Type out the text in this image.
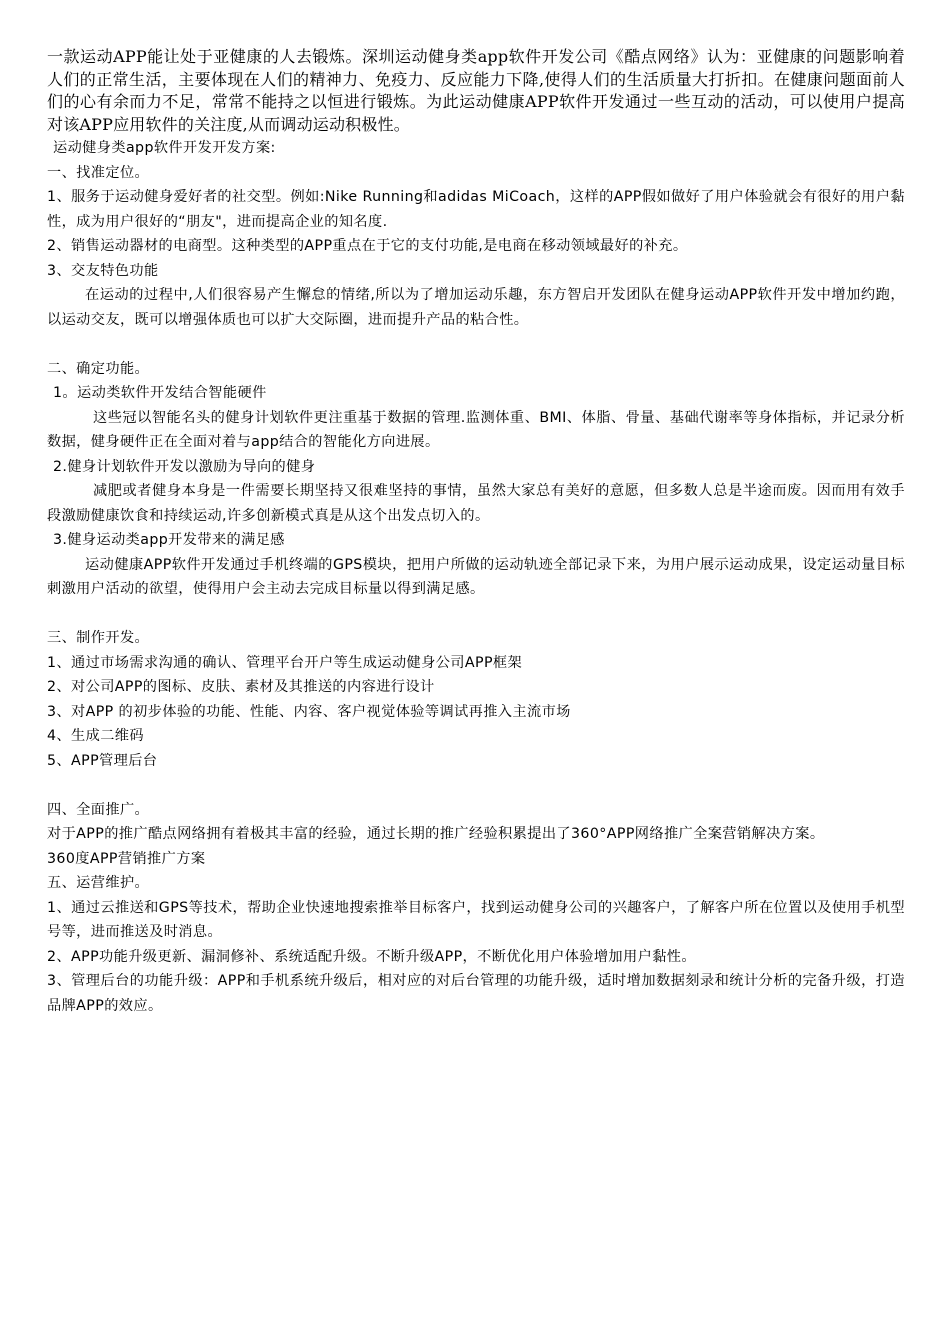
一款运动APP能让处于亚健康的人去锻炼。深圳运动健身类app软件开发公司《酷点网络》认为：亚健康的问题影响着人们的正常生活，主要体现在人们的精神力、免疫力、反应能力下降,使得人们的生活质量大打折扣。在健康问题面前人们的心有余而力不足，常常不能持之以恒进行锻炼。为此运动健康APP软件开发通过一些互动的活动，可以使用户提高对该APP应用软件的关注度,从而调动运动积极性。

运动健身类app软件开发开发方案:

一、找准定位。

1、服务于运动健身爱好者的社交型。例如:Nike Running和adidas MiCoach，这样的APP假如做好了用户体验就会有很好的用户黏性，成为用户很好的“朋友"，进而提高企业的知名度.

2、销售运动器材的电商型。这种类型的APP重点在于它的支付功能,是电商在移动领域最好的补充。

3、交友特色功能

在运动的过程中,人们很容易产生懈怠的情绪,所以为了增加运动乐趣，东方智启开发团队在健身运动APP软件开发中增加约跑，以运动交友，既可以增强体质也可以扩大交际圈，进而提升产品的粘合性。

二、确定功能。

1。运动类软件开发结合智能硬件

这些冠以智能名头的健身计划软件更注重基于数据的管理.监测体重、BMI、体脂、骨量、基础代谢率等身体指标，并记录分析数据，健身硬件正在全面对着与app结合的智能化方向进展。

2.健身计划软件开发以激励为导向的健身

减肥或者健身本身是一件需要长期坚持又很难坚持的事情，虽然大家总有美好的意愿，但多数人总是半途而废。因而用有效手段激励健康饮食和持续运动,许多创新模式真是从这个出发点切入的。

3.健身运动类app开发带来的满足感

运动健康APP软件开发通过手机终端的GPS模块，把用户所做的运动轨迹全部记录下来，为用户展示运动成果，设定运动量目标刺激用户活动的欲望，使得用户会主动去完成目标量以得到满足感。

三、制作开发。

1、通过市场需求沟通的确认、管理平台开户等生成运动健身公司APP框架

2、对公司APP的图标、皮肤、素材及其推送的内容进行设计

3、对APP 的初步体验的功能、性能、内容、客户视觉体验等调试再推入主流市场

4、生成二维码

5、APP管理后台

四、全面推广。

对于APP的推广酷点网络拥有着极其丰富的经验，通过长期的推广经验积累提出了360°APP网络推广全案营销解决方案。

360度APP营销推广方案

五、运营维护。

1、通过云推送和GPS等技术，帮助企业快速地搜索推举目标客户，找到运动健身公司的兴趣客户，了解客户所在位置以及使用手机型号等，进而推送及时消息。

2、APP功能升级更新、漏洞修补、系统适配升级。不断升级APP，不断优化用户体验增加用户黏性。

3、管理后台的功能升级：APP和手机系统升级后，相对应的对后台管理的功能升级，适时增加数据刻录和统计分析的完备升级，打造品牌APP的效应。
